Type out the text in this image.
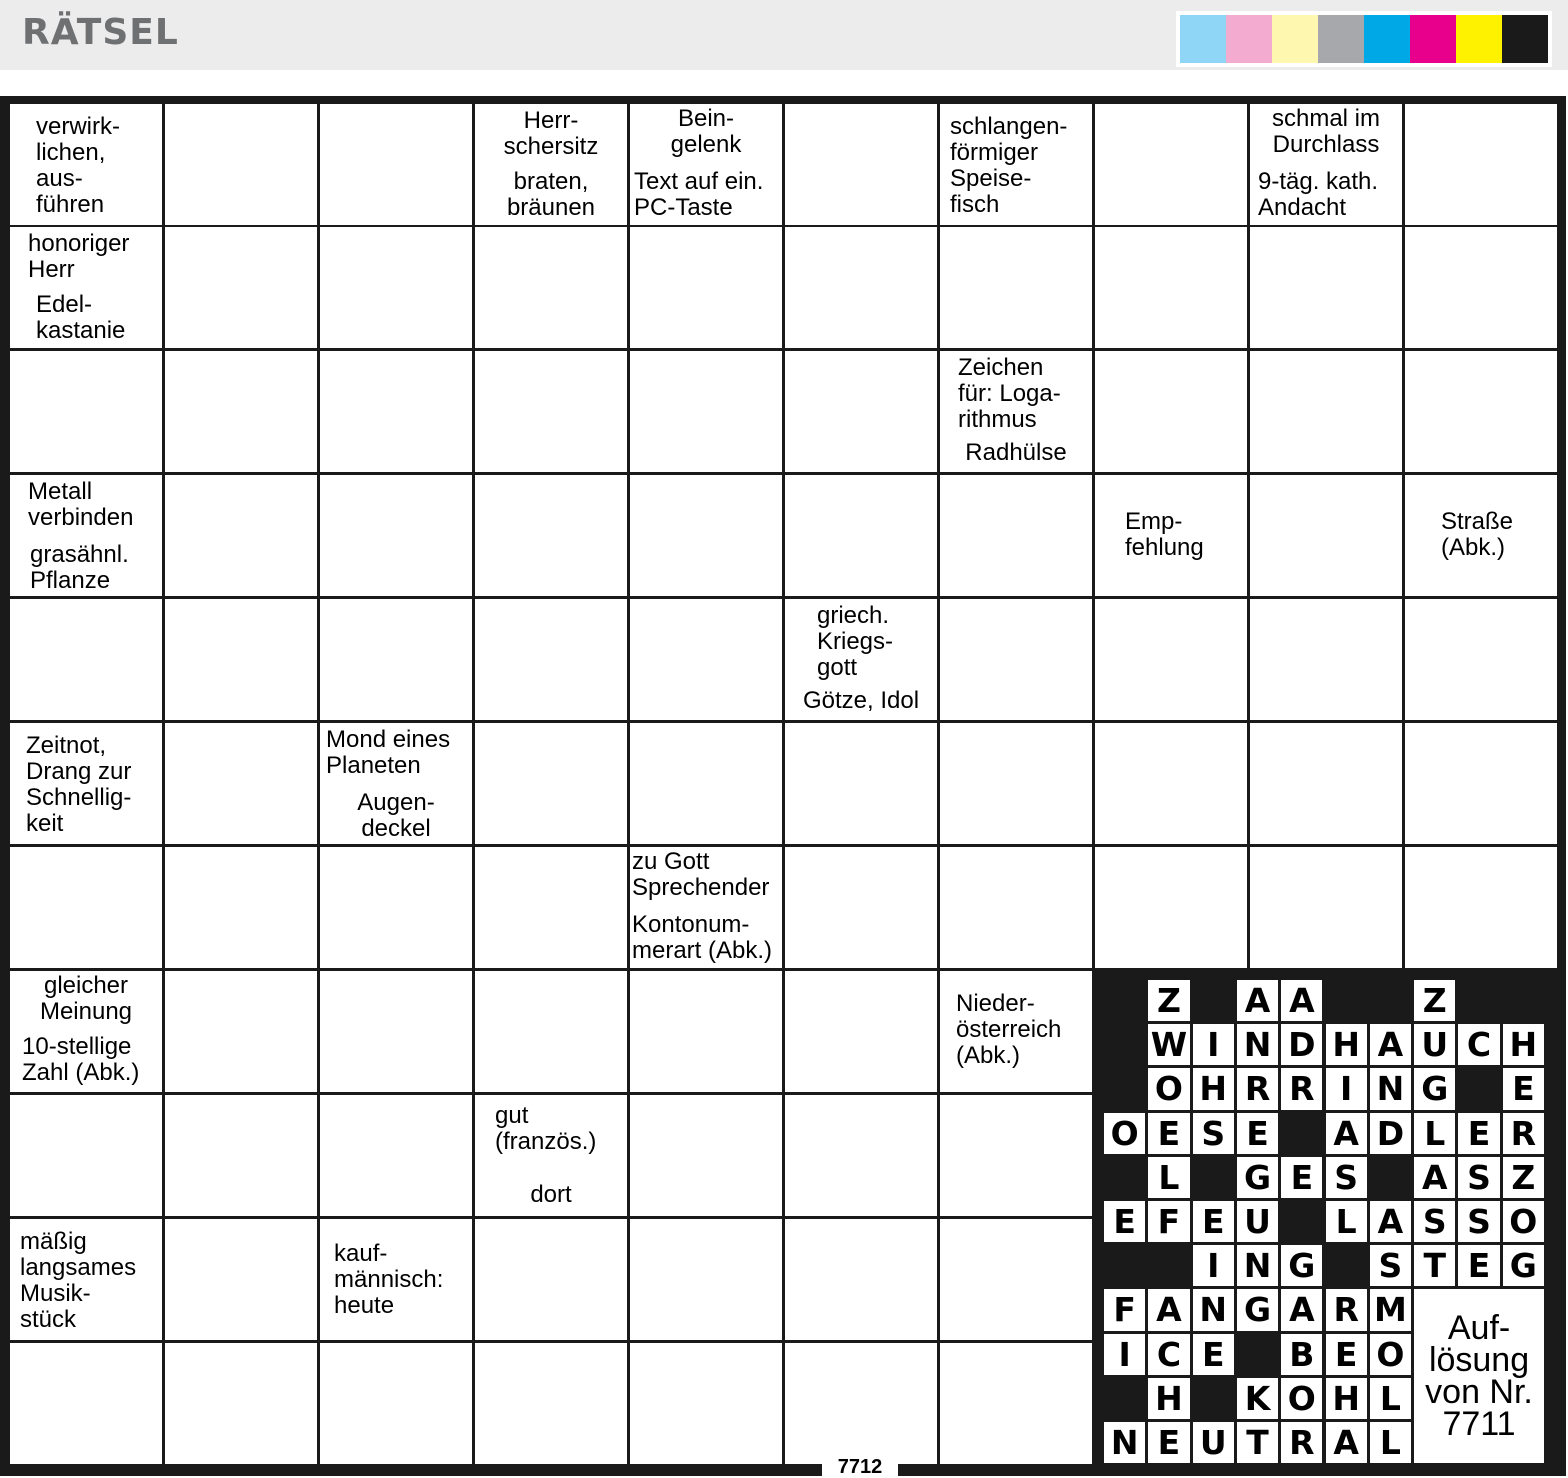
RÄTSEL
verwirk-
lichen,
aus-
führen
Herr-
schersitz
braten,
bräunen
Bein-
gelenk
Text auf ein.
PC-Taste
schlangen-
förmiger
Speise-
fisch
schmal im
Durchlass
9-täg. kath.
Andacht
honoriger
Herr
Edel-
kastanie
Zeichen
für: Loga-
rithmus
Radhülse
Metall
verbinden
grasähnl.
Pflanze
Emp-
fehlung
Straße
(Abk.)
griech.
Kriegs-
gott
Götze, Idol
Zeitnot,
Drang zur
Schnellig-
keit
Mond eines
Planeten
Augen-
deckel
zu Gott
Sprechender
Kontonum-
merart (Abk.)
gleicher
Meinung
10-stellige
Zahl (Abk.)
Nieder-
österreich
(Abk.)
gut
(französ.)
dort
mäßig
langsames
Musik-
stück
kauf-
männisch:
heute
Z A A	Z
W I N D H A U C H
O H R R I N G E
O E S E A D L E R
L	G E S A S Z
E F E U	L A S S O
I N G S T E G
F A N G A R M
I C E B E O
H K O H L
N E U T R A L
Auf-
lösung
von Nr.
7711
7712
